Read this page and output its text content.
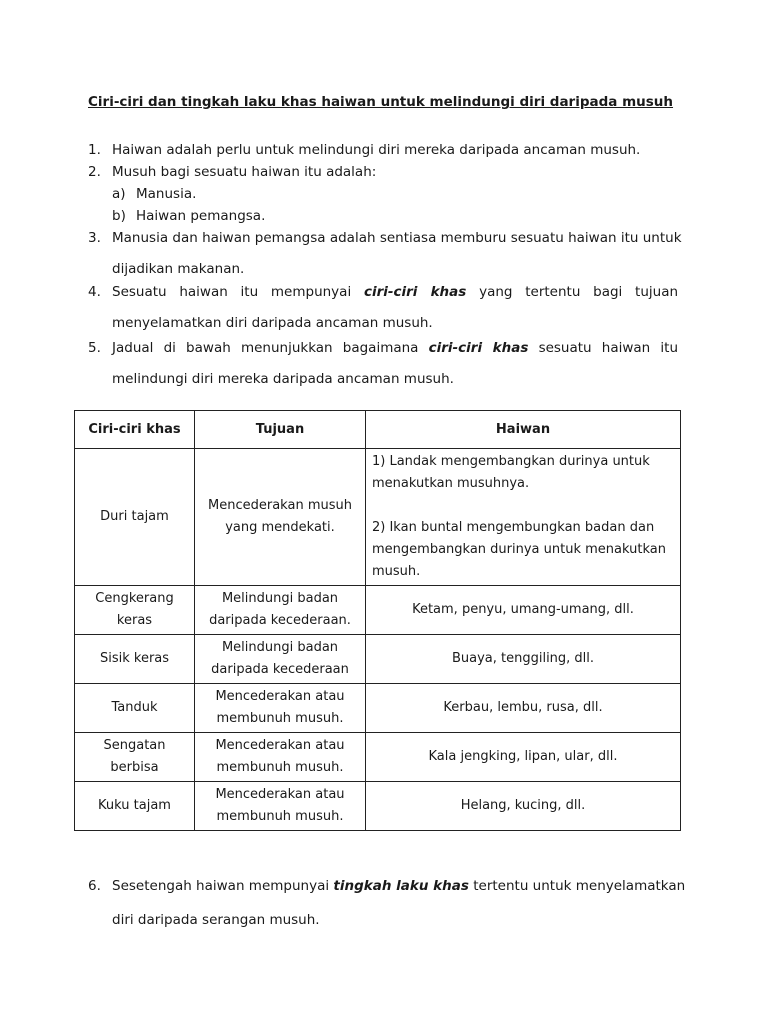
Ciri-ciri dan tingkah laku khas haiwan untuk melindungi diri daripada musuh
1. Haiwan adalah perlu untuk melindungi diri mereka daripada ancaman musuh.
2. Musuh bagi sesuatu haiwan itu adalah:
a) Manusia.
b) Haiwan pemangsa.
3. Manusia dan haiwan pemangsa adalah sentiasa memburu sesuatu haiwan itu untuk
dijadikan makanan.
4. Sesuatu haiwan itu mempunyai ciri-ciri khas yang tertentu bagi tujuan
menyelamatkan diri daripada ancaman musuh.
5. Jadual di bawah menunjukkan bagaimana ciri-ciri khas sesuatu haiwan itu
melindungi diri mereka daripada ancaman musuh.
Ciri-ciri khas	Tujuan	Haiwan
Duri tajam	Mencederakan musuh yang mendekati.	1) Landak mengembangkan durinya untuk menakutkan musuhnya.
2) Ikan buntal mengembungkan badan dan mengembangkan durinya untuk menakutkan musuh.

Cengkerang keras	Melindungi badan daripada kecederaan.	Ketam, penyu, umang-umang, dll.
Sisik keras	Melindungi badan daripada kecederaan	Buaya, tenggiling, dll.
Tanduk	Mencederakan atau membunuh musuh.	Kerbau, lembu, rusa, dll.
Sengatan berbisa	Mencederakan atau membunuh musuh.	Kala jengking, lipan, ular, dll.
Kuku tajam	Mencederakan atau membunuh musuh.	Helang, kucing, dll.
6. Sesetengah haiwan mempunyai tingkah laku khas tertentu untuk menyelamatkan
diri daripada serangan musuh.
